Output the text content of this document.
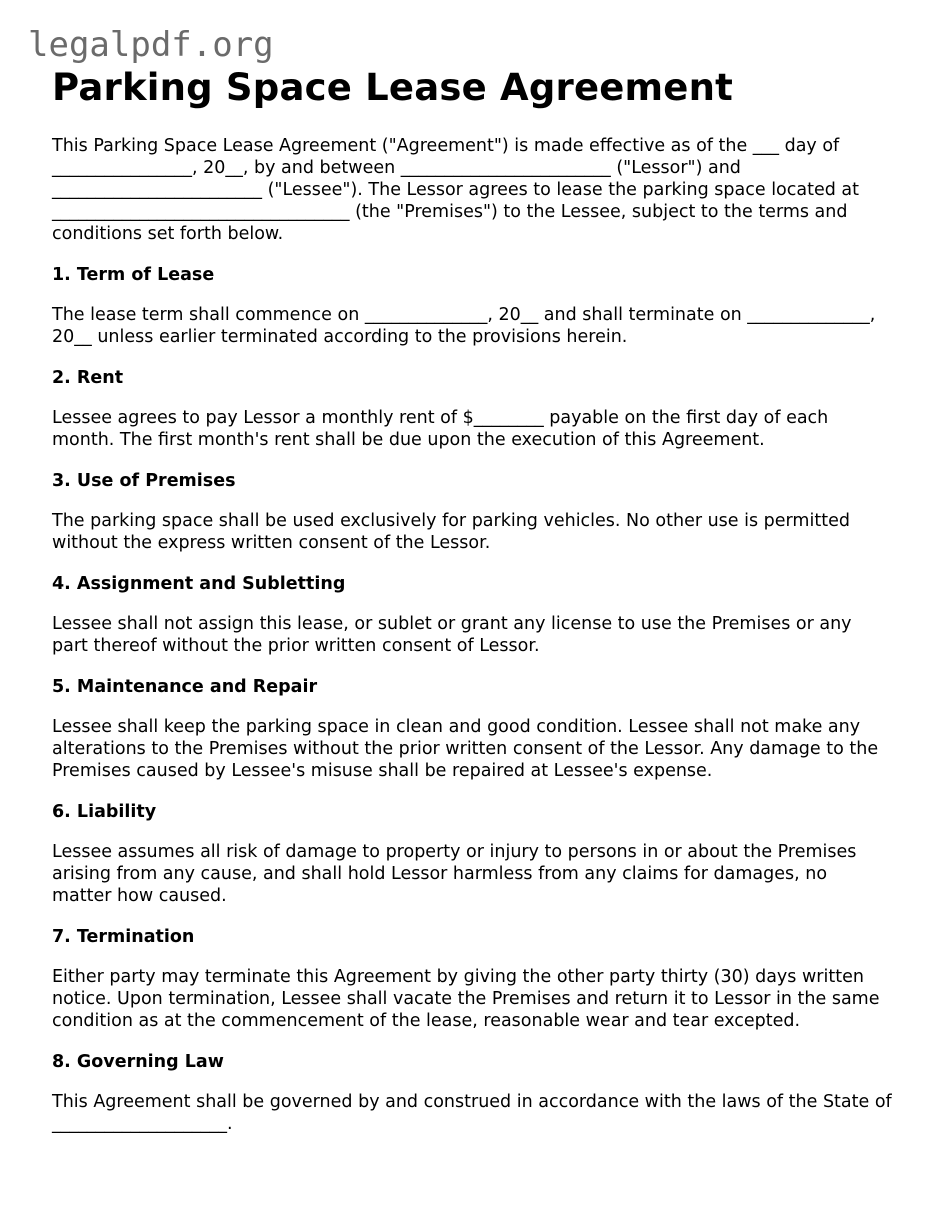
legalpdf.org
Parking Space Lease Agreement

This Parking Space Lease Agreement ("Agreement") is made effective as of the ___ day of ________________, 20__, by and between ________________________ ("Lessor") and ________________________ ("Lessee"). The Lessor agrees to lease the parking space located at __________________________________ (the "Premises") to the Lessee, subject to the terms and conditions set forth below.

1. Term of Lease

The lease term shall commence on ______________, 20__ and shall terminate on ______________, 20__ unless earlier terminated according to the provisions herein.

2. Rent

Lessee agrees to pay Lessor a monthly rent of $________ payable on the first day of each month. The first month's rent shall be due upon the execution of this Agreement.

3. Use of Premises

The parking space shall be used exclusively for parking vehicles. No other use is permitted without the express written consent of the Lessor.

4. Assignment and Subletting

Lessee shall not assign this lease, or sublet or grant any license to use the Premises or any part thereof without the prior written consent of Lessor.

5. Maintenance and Repair

Lessee shall keep the parking space in clean and good condition. Lessee shall not make any alterations to the Premises without the prior written consent of the Lessor. Any damage to the Premises caused by Lessee's misuse shall be repaired at Lessee's expense.

6. Liability

Lessee assumes all risk of damage to property or injury to persons in or about the Premises arising from any cause, and shall hold Lessor harmless from any claims for damages, no matter how caused.

7. Termination

Either party may terminate this Agreement by giving the other party thirty (30) days written notice. Upon termination, Lessee shall vacate the Premises and return it to Lessor in the same condition as at the commencement of the lease, reasonable wear and tear excepted.

8. Governing Law

This Agreement shall be governed by and construed in accordance with the laws of the State of ____________________.
